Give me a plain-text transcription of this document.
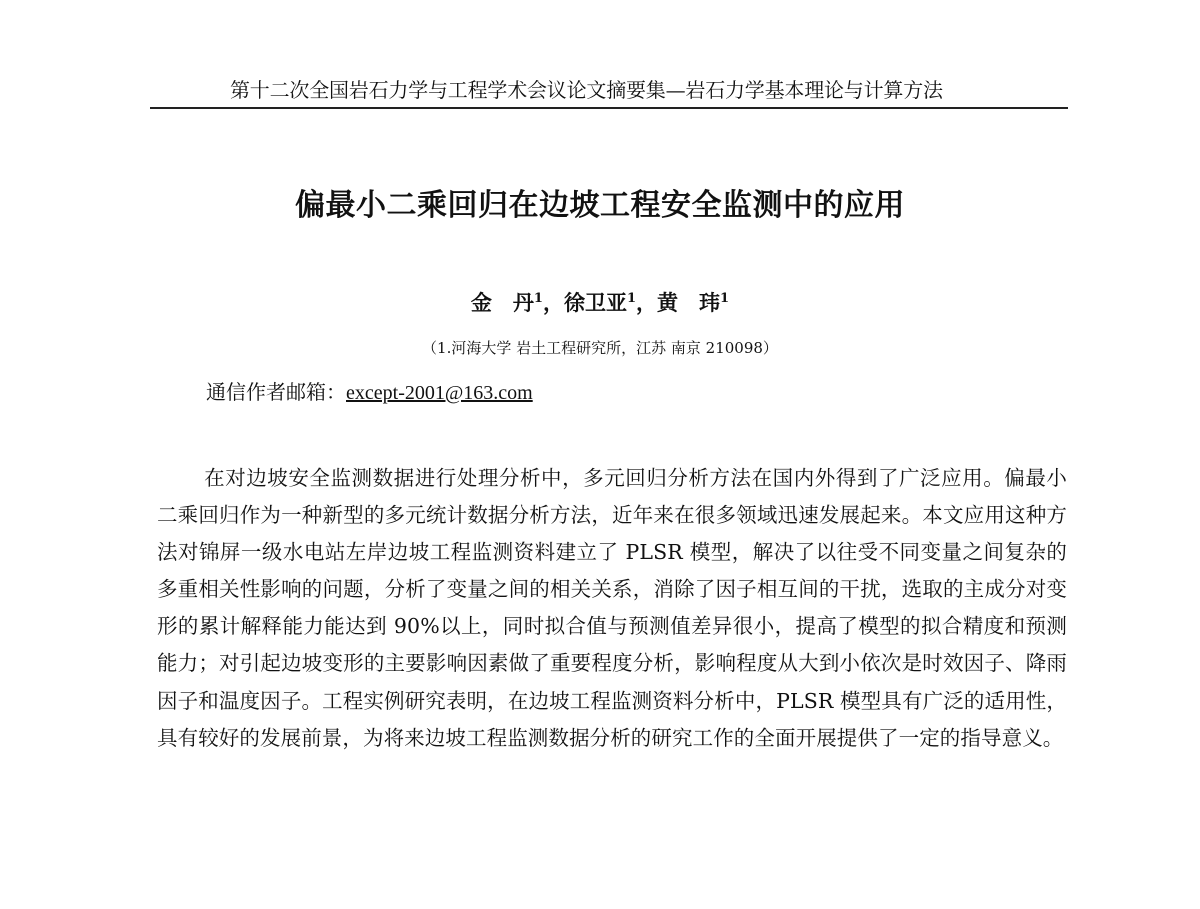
第十二次全国岩石力学与工程学术会议论文摘要集—岩石力学基本理论与计算方法
偏最小二乘回归在边坡工程安全监测中的应用
金　丹$^1$，徐卫亚$^1$，黄　玮$^1$
（1.河海大学 岩土工程研究所，江苏 南京 210098）
通信作者邮箱：except-2001@163.com

在对边坡安全监测数据进行处理分析中，多元回归分析方法在国内外得到了广泛应用。偏最小二乘回归作为一种新型的多元统计数据分析方法，近年来在很多领域迅速发展起来。本文应用这种方法对锦屏一级水电站左岸边坡工程监测资料建立了 PLSR 模型，解决了以往受不同变量之间复杂的多重相关性影响的问题，分析了变量之间的相关关系，消除了因子相互间的干扰，选取的主成分对变形的累计解释能力能达到 90%以上，同时拟合值与预测值差异很小，提高了模型的拟合精度和预测能力；对引起边坡变形的主要影响因素做了重要程度分析，影响程度从大到小依次是时效因子、降雨因子和温度因子。工程实例研究表明，在边坡工程监测资料分析中，PLSR 模型具有广泛的适用性，具有较好的发展前景，为将来边坡工程监测数据分析的研究工作的全面开展提供了一定的指导意义。
